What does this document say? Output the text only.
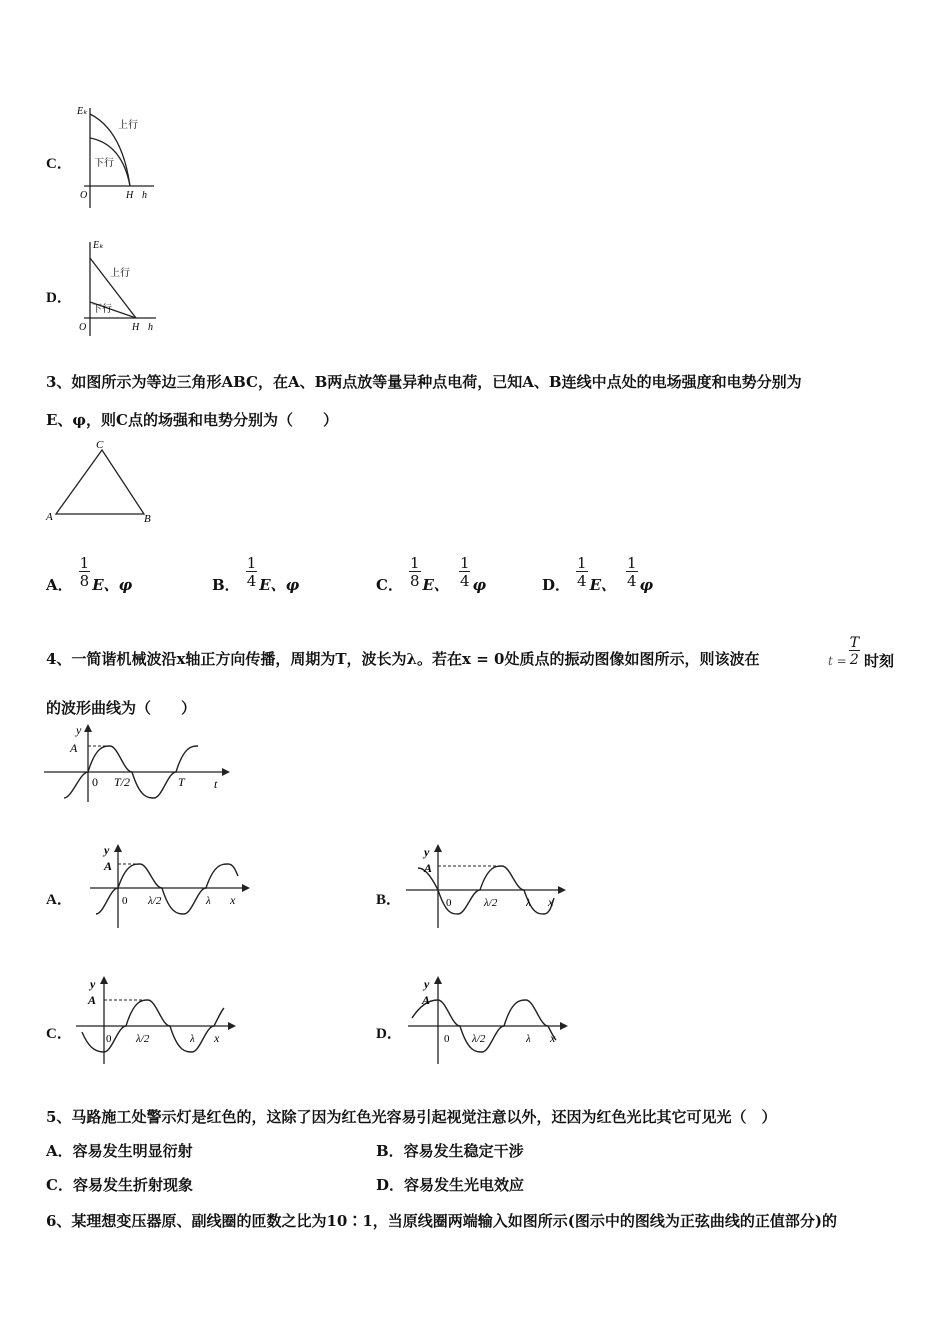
C．
Eₖ
上行
下行
O	H h
D．
Eₖ
上行
下行
O	H h
3、如图所示为等边三角形ABC，在A、B两点放等量异种点电荷，已知A、B连线中点处的电场强度和电势分别为
E、φ，则C点的场强和电势分别为（　　）
C
A	B
A． $\frac{1}{8}$ E、φ	B． $\frac{1}{4}$ E、φ	C． $\frac{1}{8}$ E、 $\frac{1}{4}$ φ	D． $\frac{1}{4}$ E、 $\frac{1}{4}$ φ
4、一简谐机械波沿x轴正方向传播，周期为T，波长为λ。若在x = 0处质点的振动图像如图所示，则该波在	$t = \frac{T}{2}$ 时刻
的波形曲线为（　　）
y
A
0 T/2	T t
A．
y
A
0 λ/2	λ x	B．
y
A
0	λ/2	λ x
C．
y
A
0 λ/2	λ x	D．
y
A
0 λ/2	λ x
5、马路施工处警示灯是红色的，这除了因为红色光容易引起视觉注意以外，还因为红色光比其它可见光（　）
A．容易发生明显衍射	B．容易发生稳定干涉
C．容易发生折射现象	D．容易发生光电效应
6、某理想变压器原、副线圈的匝数之比为10∶1，当原线圈两端输入如图所示(图示中的图线为正弦曲线的正值部分)的
